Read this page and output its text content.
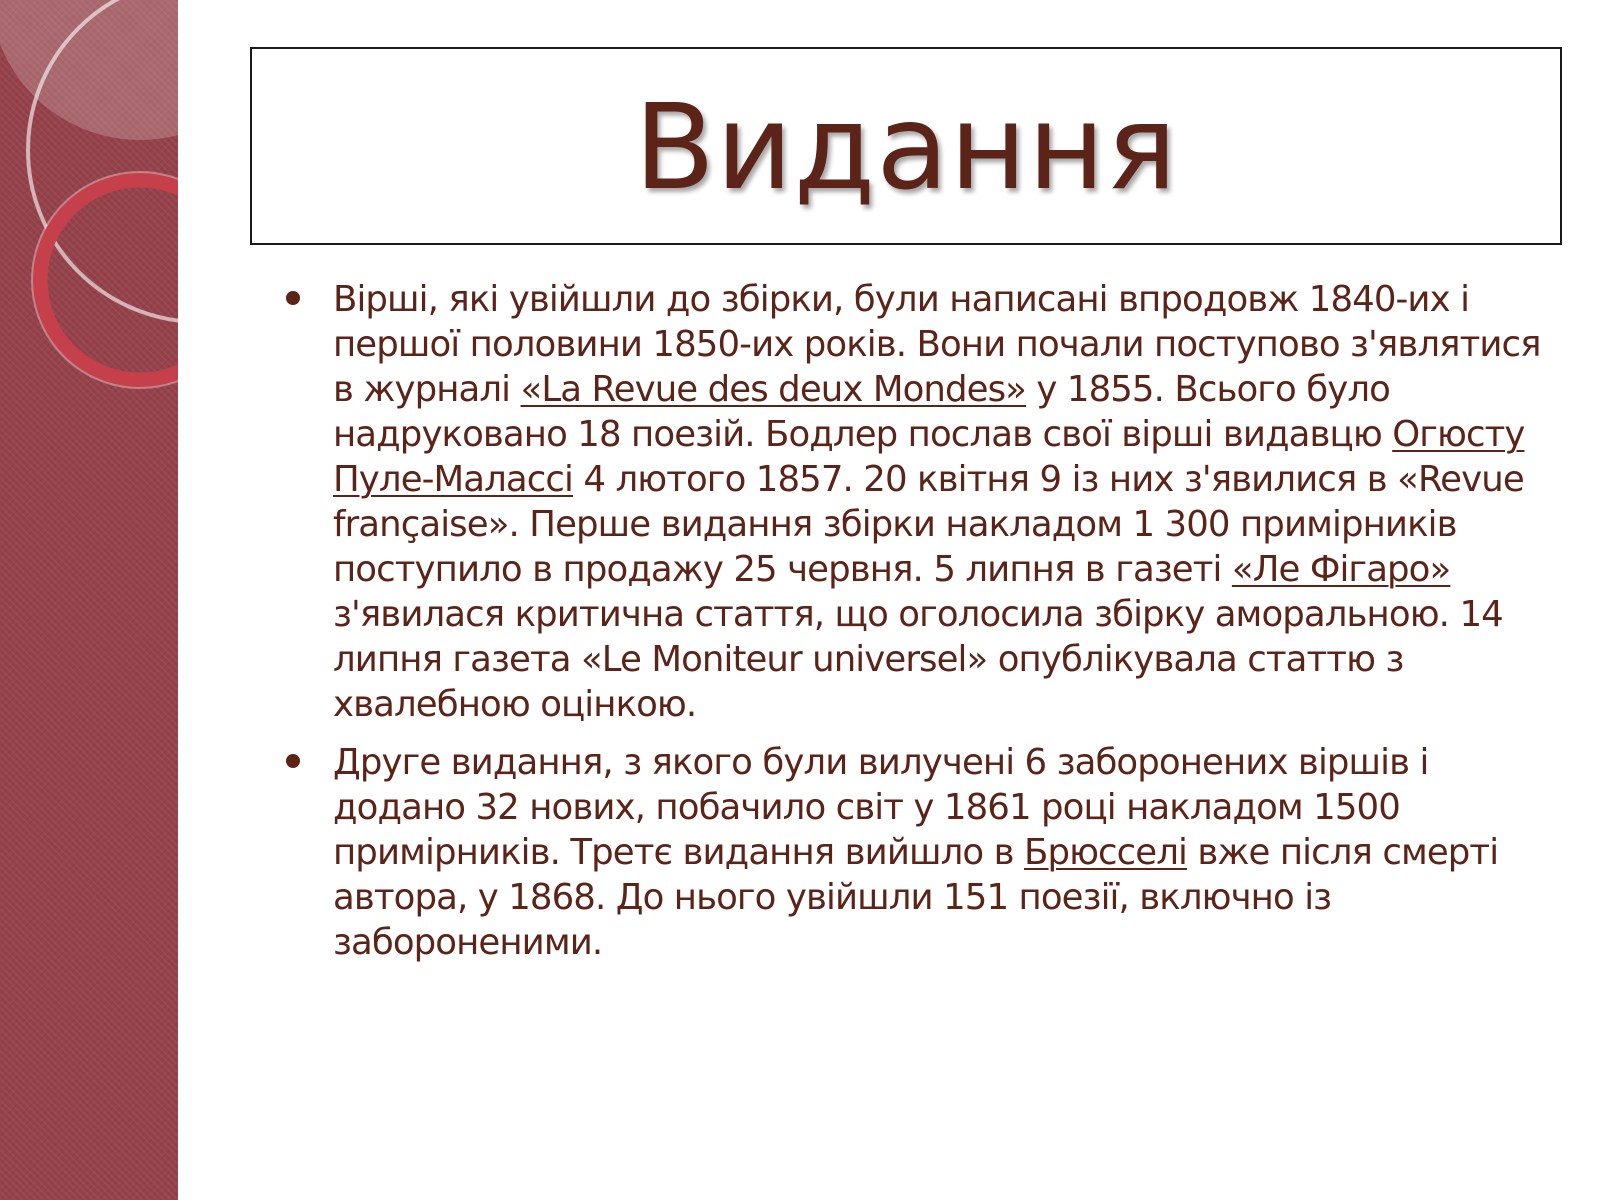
Видання
Вірші, які увійшли до збірки, були написані впродовж 1840-их і першої половини 1850-их років. Вони почали поступово з'являтися в журналі «La Revue des deux Mondes» у 1855. Всього було надруковано 18 поезій. Бодлер послав свої вірші видавцю Огюсту Пуле-Малассі 4 лютого 1857. 20 квітня 9 із них з'явилися в «Revue française». Перше видання збірки накладом 1 300 примірників поступило в продажу 25 червня. 5 липня в газеті «Ле Фігаро» з'явилася критична стаття, що оголосила збірку аморальною. 14 липня газета «Le Moniteur universel» опублікувала статтю з хвалебною оцінкою.
Друге видання, з якого були вилучені 6 заборонених віршів і додано 32 нових, побачило світ у 1861 році накладом 1500 примірників. Третє видання вийшло в Брюсселі вже після смерті автора, у 1868. До нього увійшли 151 поезії, включно із забороненими.
